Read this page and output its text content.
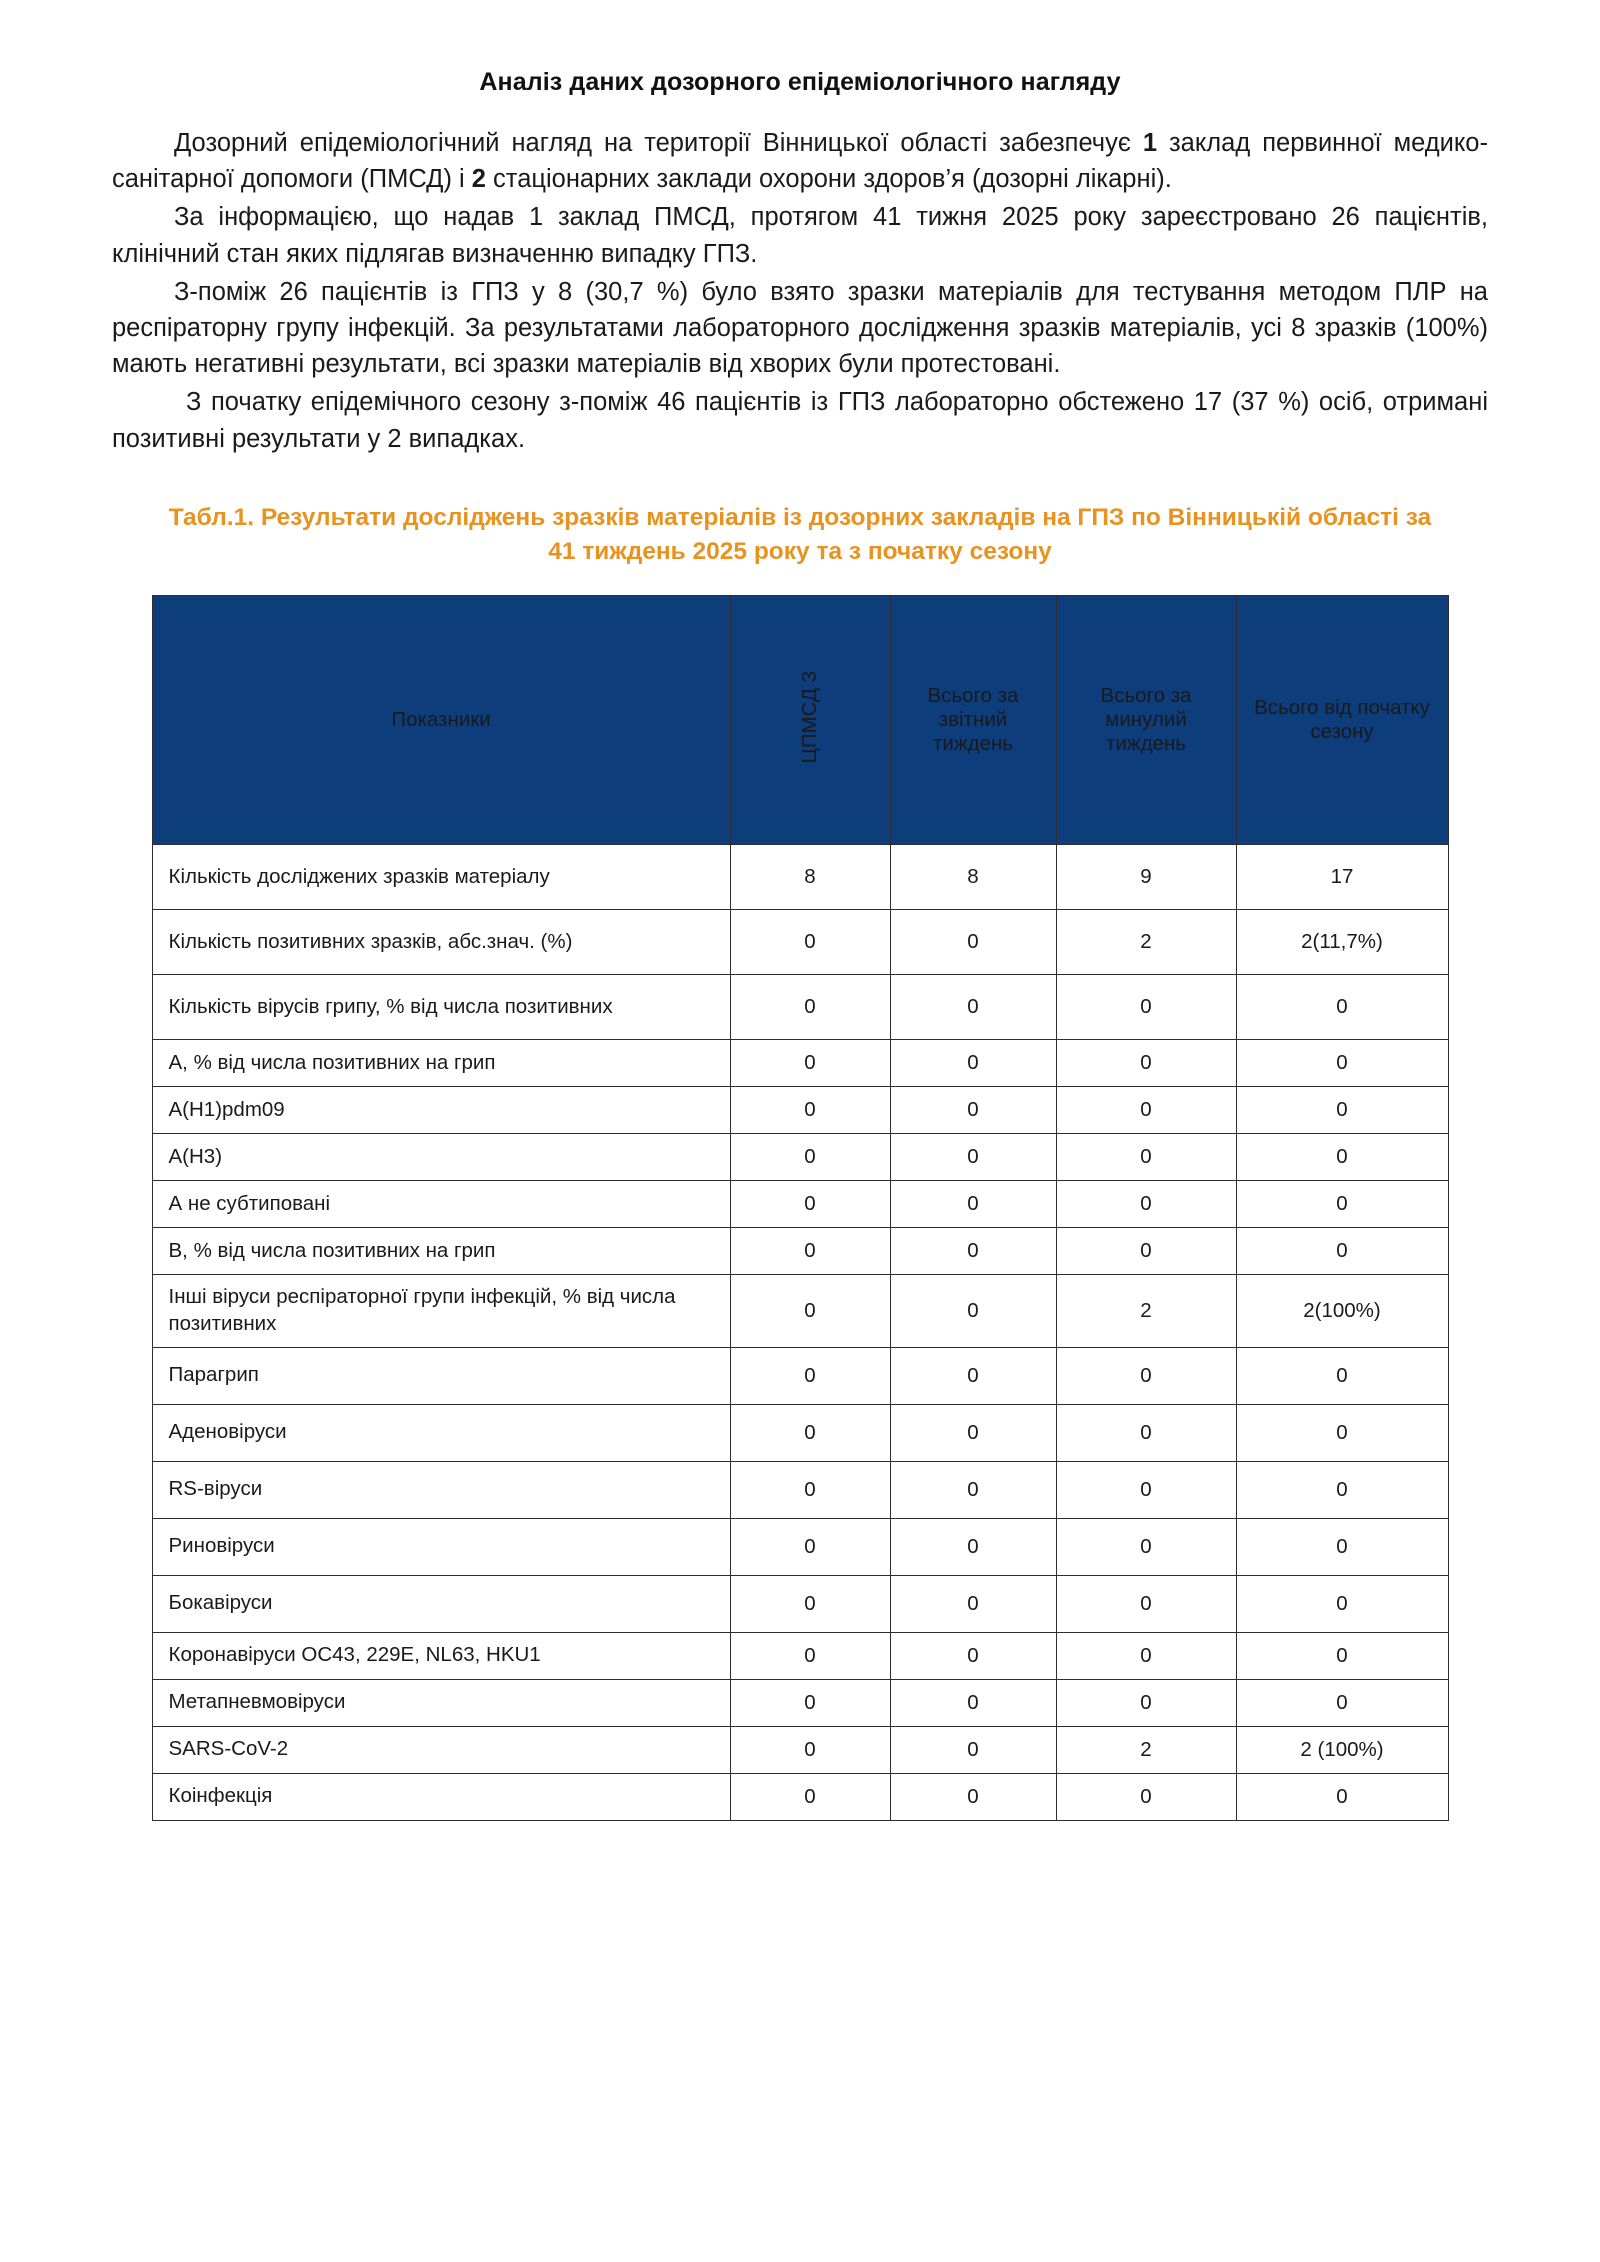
Аналіз даних дозорного епідеміологічного нагляду

Дозорний епідеміологічний нагляд на території Вінницької області забезпечує 1 заклад первинної медико-санітарної допомоги (ПМСД) і 2 стаціонарних заклади охорони здоров’я (дозорні лікарні).

За інформацією, що надав 1 заклад ПМСД, протягом 41 тижня 2025 року зареєстровано 26 пацієнтів, клінічний стан яких підлягав визначенню випадку ГПЗ.

З-поміж 26 пацієнтів із ГПЗ у 8 (30,7 %) було взято зразки матеріалів для тестування методом ПЛР на респіраторну групу інфекцій. За результатами лабораторного дослідження зразків матеріалів, усі 8 зразків (100%) мають негативні результати, всі зразки матеріалів від хворих були протестовані.

З початку епідемічного сезону з-поміж 46 пацієнтів із ГПЗ лабораторно обстежено 17 (37 %) осіб, отримані позитивні результати у 2 випадках.

Табл.1. Результати досліджень зразків матеріалів із дозорних закладів на ГПЗ по Вінницькій області за 41 тиждень 2025 року та з початку сезону
Показники	ЦПМСД 3	Всього за звітний тиждень	Всього за минулий тиждень	Всього від початку сезону
Кількість досліджених зразків матеріалу	8	8	9	17
Кількість позитивних зразків, абс.знач. (%)	0	0	2	2(11,7%)
Кількість вірусів грипу, % від числа позитивних	0	0	0	0
А, % від числа позитивних на грип	0	0	0	0
A(H1)pdm09	0	0	0	0
A(H3)	0	0	0	0
А не субтиповані	0	0	0	0
В, % від числа позитивних на грип	0	0	0	0
Інші віруси респіраторної групи інфекцій, % від числа позитивних	0	0	2	2(100%)
Парагрип	0	0	0	0
Аденовіруси	0	0	0	0
RS-віруси	0	0	0	0
Риновіруси	0	0	0	0
Бокавіруси	0	0	0	0
Коронавіруси OC43, 229E, NL63, HKU1	0	0	0	0
Метапневмовіруси	0	0	0	0
SARS-CoV-2	0	0	2	2 (100%)
Коінфекція	0	0	0	0
